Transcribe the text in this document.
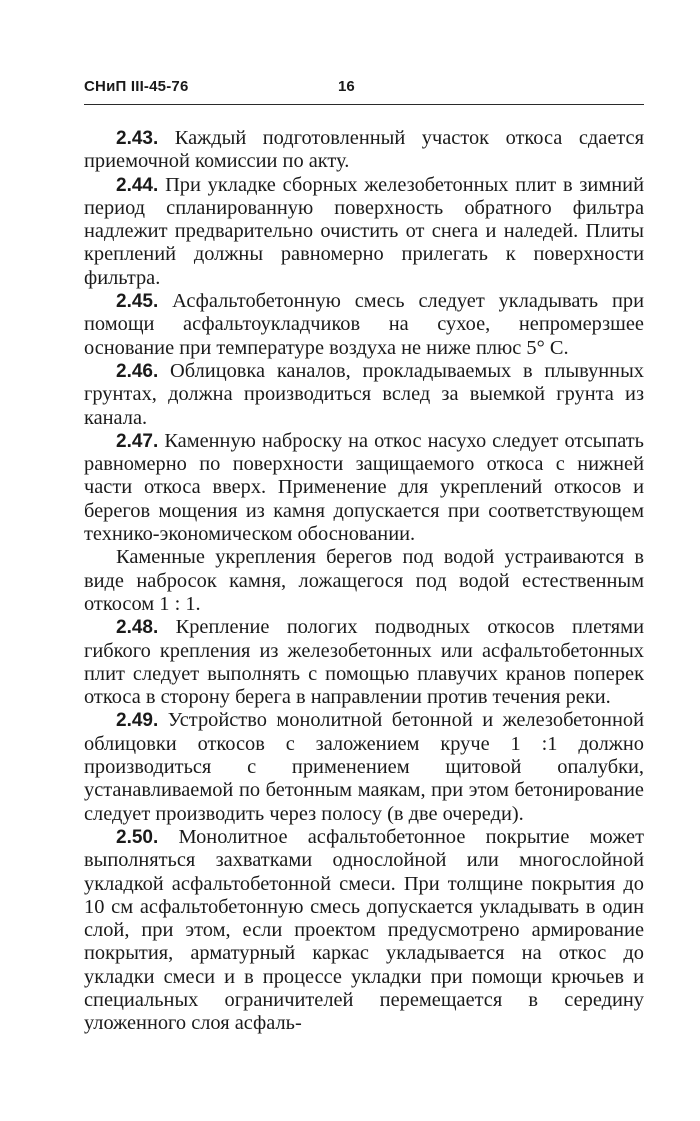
СНиП III-45-76	16

2.43. Каждый подготовленный участок откоса сдается приемочной комиссии по акту.

2.44. При укладке сборных железобетонных плит в зимний период спланированную поверхность обратного фильтра надлежит предварительно очистить от снега и наледей. Плиты креплений должны равномерно прилегать к поверхности фильтра.

2.45. Асфальтобетонную смесь следует укладывать при помощи асфальтоукладчиков на сухое, непромерзшее основание при температуре воздуха не ниже плюс 5° С.

2.46. Облицовка каналов, прокладываемых в плывунных грунтах, должна производиться вслед за выемкой грунта из канала.

2.47. Каменную наброску на откос насухо следует отсыпать равномерно по поверхности защищаемого откоса с нижней части откоса вверх. Применение для укреплений откосов и берегов мощения из камня допускается при соответствующем технико-экономическом обосновании.

Каменные укрепления берегов под водой устраиваются в виде набросок камня, ложащегося под водой естественным откосом 1 : 1.

2.48. Крепление пологих подводных откосов плетями гибкого крепления из железобетонных или асфальтобетонных плит следует выполнять с помощью плавучих кранов поперек откоса в сторону берега в направлении против течения реки.

2.49. Устройство монолитной бетонной и железобетонной облицовки откосов с заложением круче 1 :1 должно производиться с применением щитовой опалубки, устанавливаемой по бетонным маякам, при этом бетонирование следует производить через полосу (в две очереди).

2.50. Монолитное асфальтобетонное покрытие может выполняться захватками однослойной или многослойной укладкой асфальтобетонной смеси. При толщине покрытия до 10 см асфальтобетонную смесь допускается укладывать в один слой, при этом, если проектом предусмотрено армирование покрытия, арматурный каркас укладывается на откос до укладки смеси и в процессе укладки при помощи крючьев и специальных ограничителей перемещается в середину уложенного слоя асфаль-
